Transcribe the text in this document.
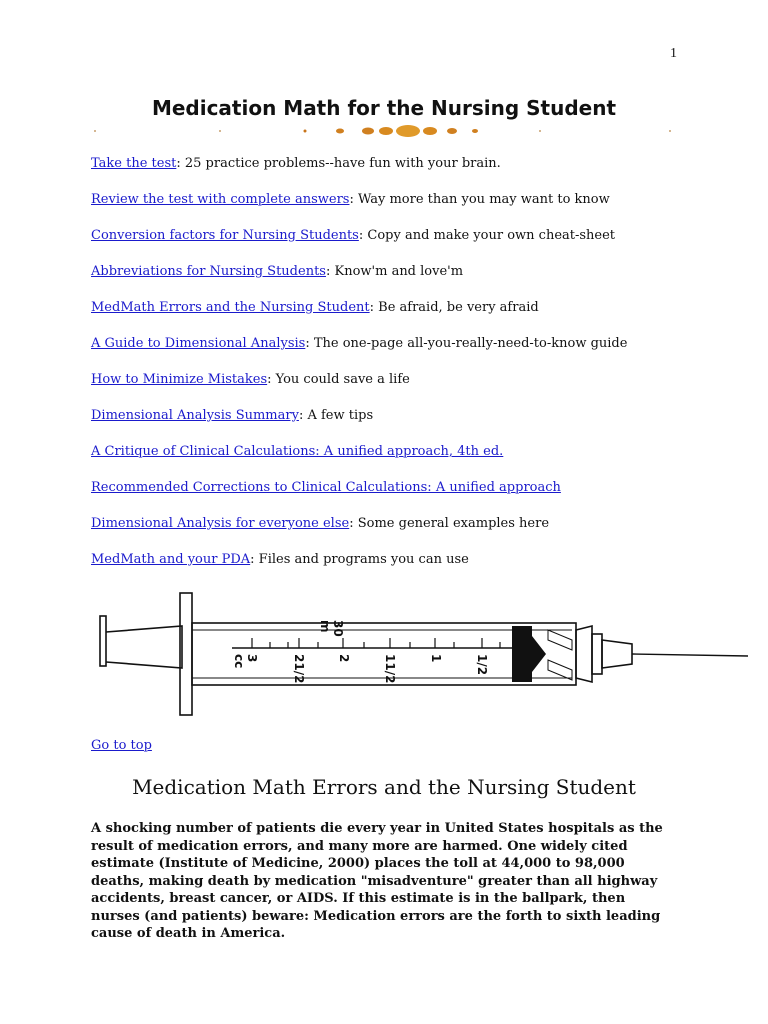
1
Medication Math for the Nursing Student
Take the test: 25 practice problems--have fun with your brain.
Review the test with complete answers: Way more than you may want to know
Conversion factors for Nursing Students: Copy and make your own cheat-sheet
Abbreviations for Nursing Students: Know'm and love'm
MedMath Errors and the Nursing Student: Be afraid, be very afraid
A Guide to Dimensional Analysis: The one-page all-you-really-need-to-know guide
How to Minimize Mistakes: You could save a life
Dimensional Analysis Summary: A few tips
A Critique of Clinical Calculations: A unified approach, 4th ed.
Recommended Corrections to Clinical Calculations: A unified approach
Dimensional Analysis for everyone else: Some general examples here
MedMath and your PDA: Files and programs you can use
3
cc
30
m
21/2	2	11/2	1	1/2
Go to top
Medication Math Errors and the Nursing Student
A shocking number of patients die every year in United States hospitals as the result of medication errors, and many more are harmed. One widely cited estimate (Institute of Medicine, 2000) places the toll at 44,000 to 98,000 deaths, making death by medication "misadventure" greater than all highway accidents, breast cancer, or AIDS. If this estimate is in the ballpark, then nurses (and patients) beware: Medication errors are the forth to sixth leading cause of death in America.
